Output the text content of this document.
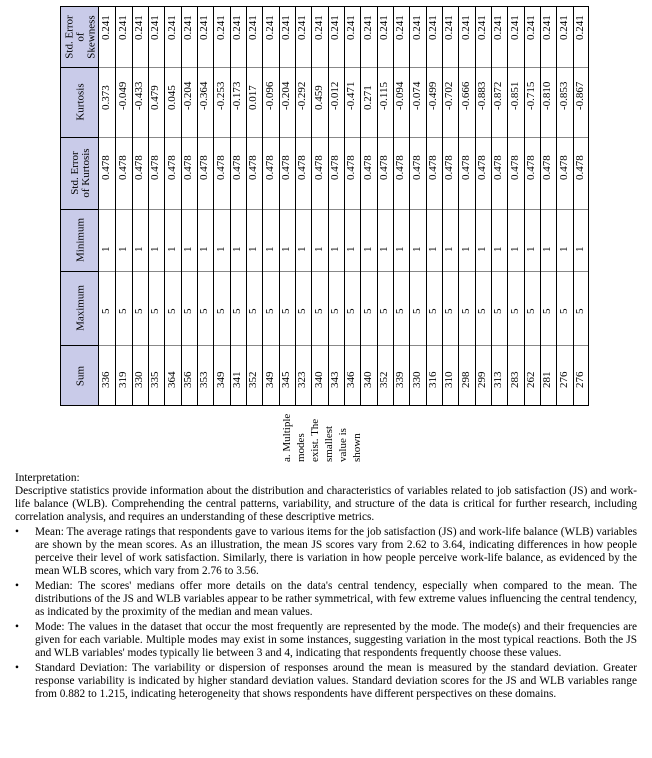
Std. Error of Skewness
Kurtosis
Std. Error of Kurtosis
Minimum
Maximum
Sum
0.241
0.373
0.478
1
5
336
0.241
-0.049
0.478
1
5
319
0.241
-0.433
0.478
1
5
330
0.241
0.479
0.478
1
5
335
0.241
0.045
0.478
1
5
364
0.241
-0.204
0.478
1
5
356
0.241
-0.364
0.478
1
5
353
0.241
-0.253
0.478
1
5
349
0.241
-0.173
0.478
1
5
341
0.241
0.017
0.478
1
5
352
0.241
-0.096
0.478
1
5
349
0.241
-0.204
0.478
1
5
345
0.241
-0.292
0.478
1
5
323
0.241
0.459
0.478
1
5
340
0.241
-0.012
0.478
1
5
343
0.241
-0.471
0.478
1
5
346
0.241
0.271
0.478
1
5
340
0.241
-0.115
0.478
1
5
352
0.241
-0.094
0.478
1
5
339
0.241
-0.074
0.478
1
5
330
0.241
-0.499
0.478
1
5
316
0.241
-0.702
0.478
1
5
310
0.241
-0.666
0.478
1
5
298
0.241
-0.883
0.478
1
5
299
0.241
-0.872
0.478
1
5
313
0.241
-0.851
0.478
1
5
283
0.241
-0.715
0.478
1
5
262
0.241
-0.810
0.478
1
5
281
0.241
-0.853
0.478
1
5
276
0.241
-0.867
0.478
1
5
276
a. Multiple modes exist. The smallest value is shown

Interpretation:

Descriptive statistics provide information about the distribution and characteristics of variables related to job satisfaction (JS) and work-life balance (WLB). Comprehending the central patterns, variability, and structure of the data is critical for further research, including correlation analysis, and requires an understanding of these descriptive metrics.

• Mean: The average ratings that respondents gave to various items for the job satisfaction (JS) and work-life balance (WLB) variables are shown by the mean scores. As an illustration, the mean JS scores vary from 2.62 to 3.64, indicating differences in how people perceive their level of work satisfaction. Similarly, there is variation in how people perceive work-life balance, as evidenced by the mean WLB scores, which vary from 2.76 to 3.56.
• Median: The scores' medians offer more details on the data's central tendency, especially when compared to the mean. The distributions of the JS and WLB variables appear to be rather symmetrical, with few extreme values influencing the central tendency, as indicated by the proximity of the median and mean values.
• Mode: The values in the dataset that occur the most frequently are represented by the mode. The mode(s) and their frequencies are given for each variable. Multiple modes may exist in some instances, suggesting variation in the most typical reactions. Both the JS and WLB variables' modes typically lie between 3 and 4, indicating that respondents frequently choose these values.
• Standard Deviation: The variability or dispersion of responses around the mean is measured by the standard deviation. Greater response variability is indicated by higher standard deviation values. Standard deviation scores for the JS and WLB variables range from 0.882 to 1.215, indicating heterogeneity that shows respondents have different perspectives on these domains.
